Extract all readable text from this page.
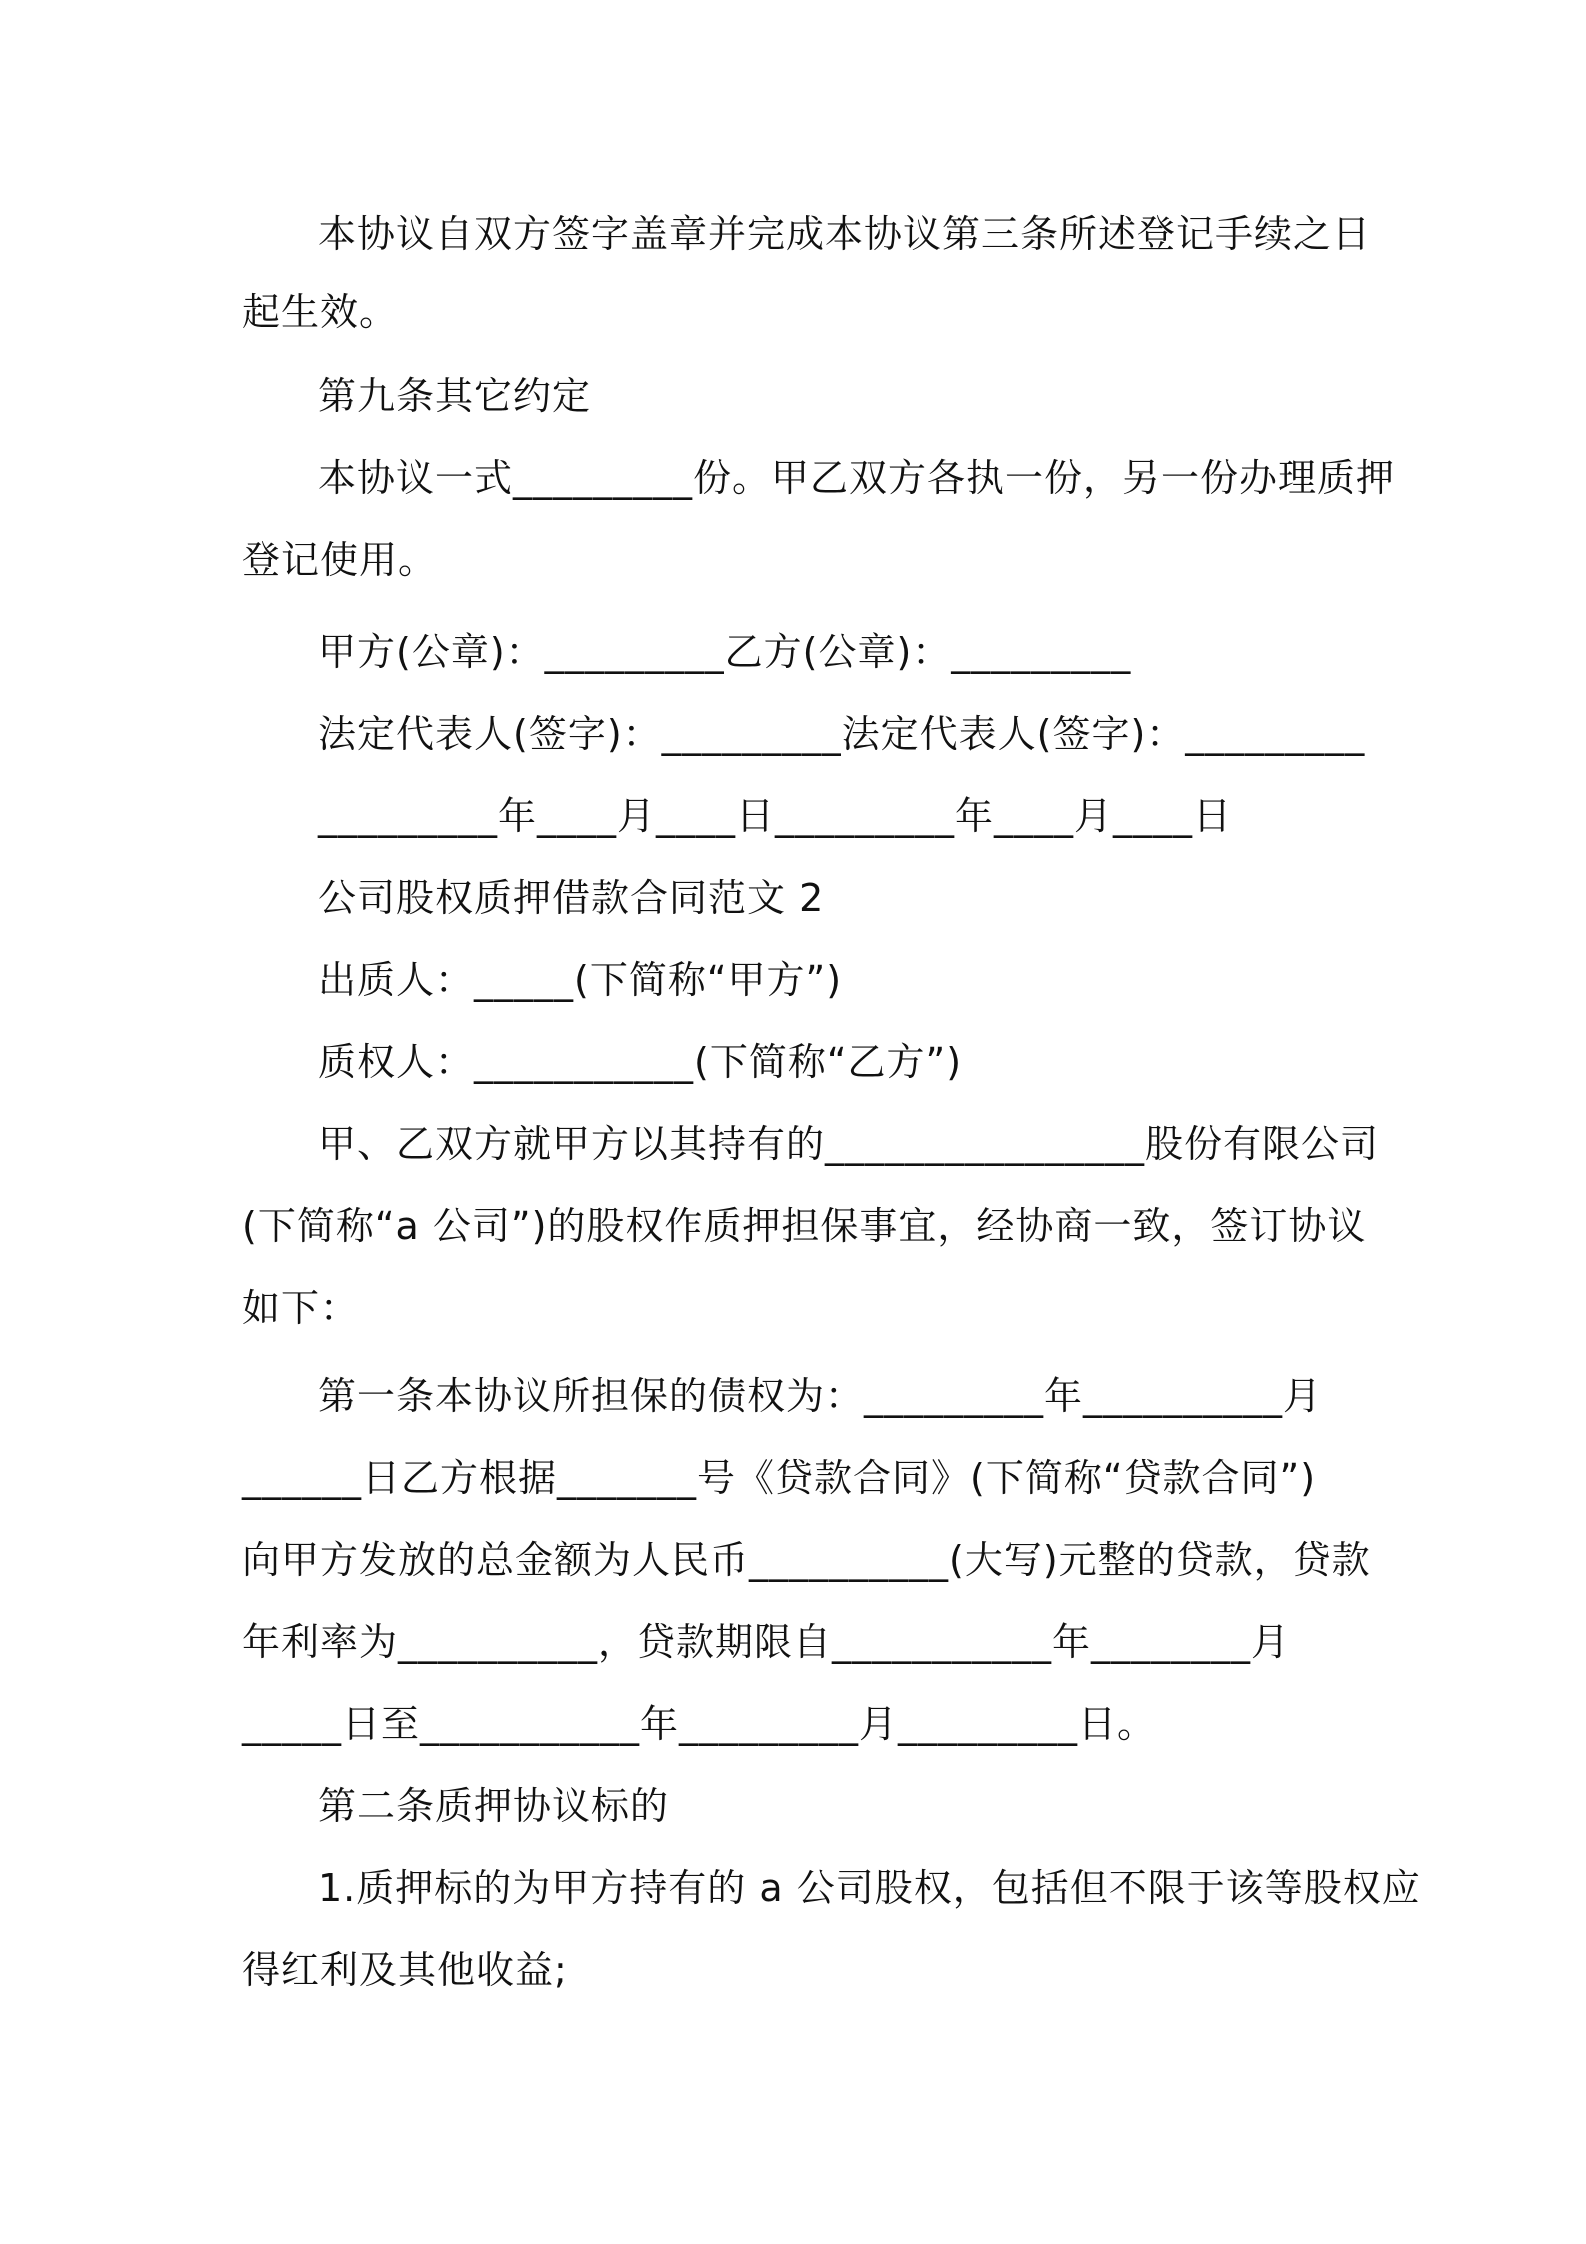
本协议自双方签字盖章并完成本协议第三条所述登记手续之日
起生效。
第九条其它约定
本协议一式_________份。甲乙双方各执一份，另一份办理质押
登记使用。
甲方(公章)：_________乙方(公章)：_________
法定代表人(签字)：_________法定代表人(签字)：_________
_________年____月____日_________年____月____日
公司股权质押借款合同范文 2
出质人：_____(下简称“甲方”)
质权人：___________(下简称“乙方”)
甲、乙双方就甲方以其持有的________________股份有限公司
(下简称“a 公司”)的股权作质押担保事宜，经协商一致，签订协议
如下：
第一条本协议所担保的债权为：_________年__________月
______日乙方根据_______号《贷款合同》(下简称“贷款合同”)
向甲方发放的总金额为人民币__________(大写)元整的贷款，贷款
年利率为__________，贷款期限自___________年________月
_____日至___________年_________月_________日。
第二条质押协议标的
1.质押标的为甲方持有的 a 公司股权，包括但不限于该等股权应
得红利及其他收益;
